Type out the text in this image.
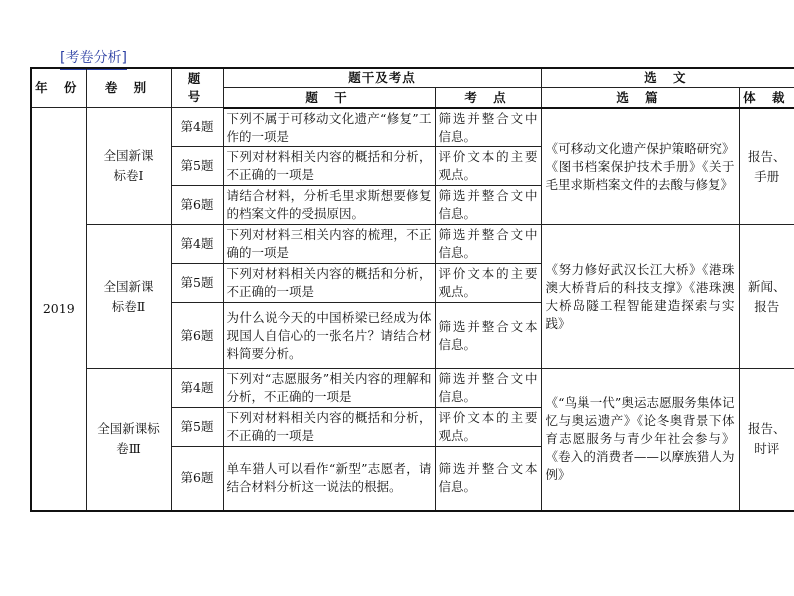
[考卷分析]
年 份	卷 别	题 号	题干及考点		选 文	
			题 干	考 点	选 篇	体 裁
2019	全国新课标卷Ⅰ	第4题	下列不属于可移动文化遗产“修复”工作的一项是	筛选并整合文中信息。	《可移动文化遗产保护策略研究》《图书档案保护技术手册》《关于毛里求斯档案文件的去酸与修复》	报告、手册
		第5题	下列对材料相关内容的概括和分析，不正确的一项是	评价文本的主要观点。		
		第6题	请结合材料，分析毛里求斯想要修复的档案文件的受损原因。	筛选并整合文中信息。		
	全国新课标卷Ⅱ	第4题	下列对材料三相关内容的梳理，不正确的一项是	筛选并整合文中信息。	《努力修好武汉长江大桥》《港珠澳大桥背后的科技支撑》《港珠澳大桥岛隧工程智能建造探索与实践》	新闻、报告
		第5题	下列对材料相关内容的概括和分析，不正确的一项是	评价文本的主要观点。		
		第6题	为什么说今天的中国桥梁已经成为体现国人自信心的一张名片？请结合材料简要分析。	筛选并整合文本信息。		
	全国新课标卷Ⅲ	第4题	下列对“志愿服务”相关内容的理解和分析，不正确的一项是	筛选并整合文中信息。	《“鸟巢一代”奥运志愿服务集体记忆与奥运遗产》《论冬奥背景下体育志愿服务与青少年社会参与》《卷入的消费者——以摩族猎人为例》	报告、时评
		第5题	下列对材料相关内容的概括和分析，不正确的一项是	评价文本的主要观点。		
		第6题	单车猎人可以看作“新型”志愿者，请结合材料分析这一说法的根据。	筛选并整合文本信息。		
